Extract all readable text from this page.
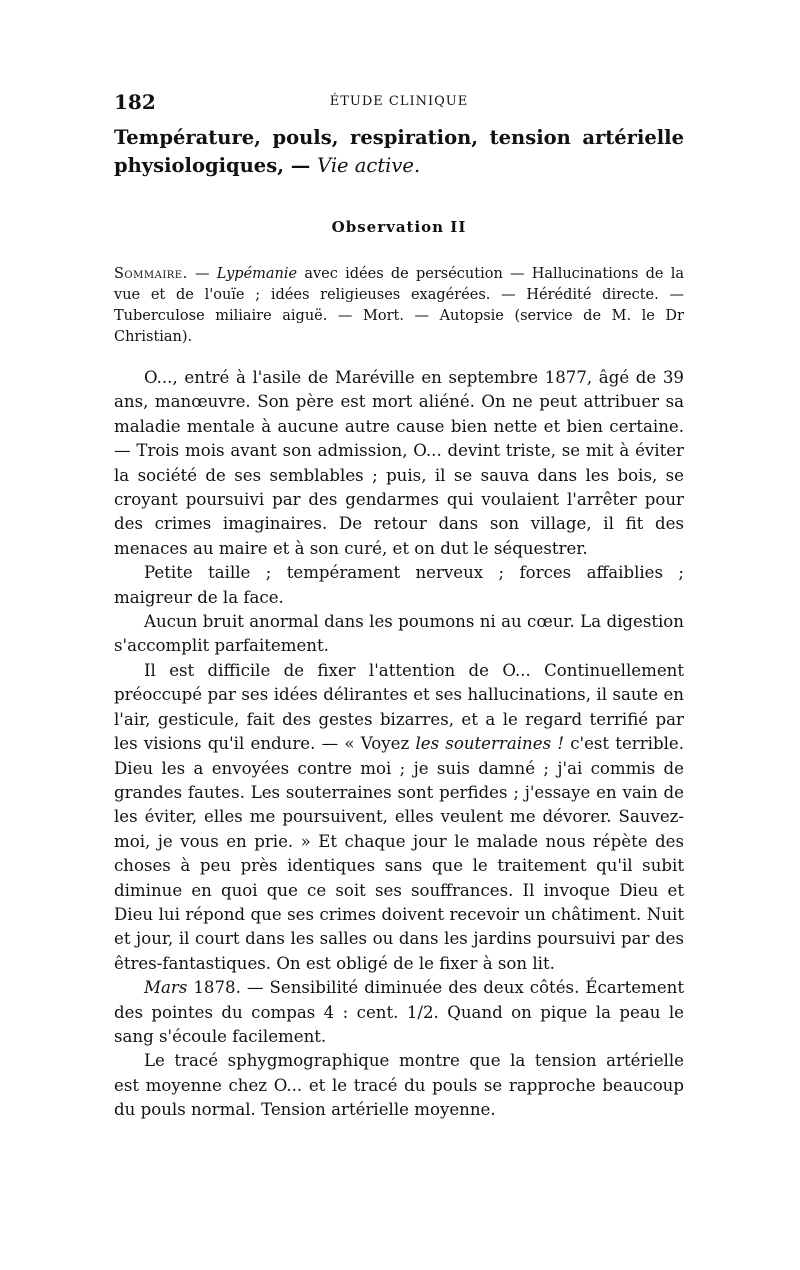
182	ÉTUDE CLINIQUE

Température, pouls, respiration, tension artérielle physiologiques, — Vie active.

Observation II

Sommaire. — Lypémanie avec idées de persécution — Hallucinations de la vue et de l'ouïe ; idées religieuses exagérées. — Hérédité directe. — Tuberculose miliaire aiguë. — Mort. — Autopsie (service de M. le Dr Christian).

O..., entré à l'asile de Maréville en septembre 1877, âgé de 39 ans, manœuvre. Son père est mort aliéné. On ne peut attribuer sa maladie mentale à aucune autre cause bien nette et bien certaine. — Trois mois avant son admission, O... devint triste, se mit à éviter la société de ses semblables ; puis, il se sauva dans les bois, se croyant poursuivi par des gendarmes qui voulaient l'arrêter pour des crimes imaginaires. De retour dans son village, il fit des menaces au maire et à son curé, et on dut le séquestrer.

Petite taille ; tempérament nerveux ; forces affaiblies ; maigreur de la face.

Aucun bruit anormal dans les poumons ni au cœur. La digestion s'accomplit parfaitement.

Il est difficile de fixer l'attention de O... Continuellement préoccupé par ses idées délirantes et ses hallucinations, il saute en l'air, gesticule, fait des gestes bizarres, et a le regard terrifié par les visions qu'il endure. — « Voyez les souterraines ! c'est terrible. Dieu les a envoyées contre moi ; je suis damné ; j'ai commis de grandes fautes. Les souterraines sont perfides ; j'essaye en vain de les éviter, elles me poursuivent, elles veulent me dévorer. Sauvez-moi, je vous en prie. » Et chaque jour le malade nous répète des choses à peu près identiques sans que le traitement qu'il subit diminue en quoi que ce soit ses souffrances. Il invoque Dieu et Dieu lui répond que ses crimes doivent recevoir un châtiment. Nuit et jour, il court dans les salles ou dans les jardins poursuivi par des êtres-fantastiques. On est obligé de le fixer à son lit.

Mars 1878. — Sensibilité diminuée des deux côtés. Écartement des pointes du compas 4 : cent. 1/2. Quand on pique la peau le sang s'écoule facilement.

Le tracé sphygmographique montre que la tension artérielle est moyenne chez O... et le tracé du pouls se rapproche beaucoup du pouls normal. Tension artérielle moyenne.
